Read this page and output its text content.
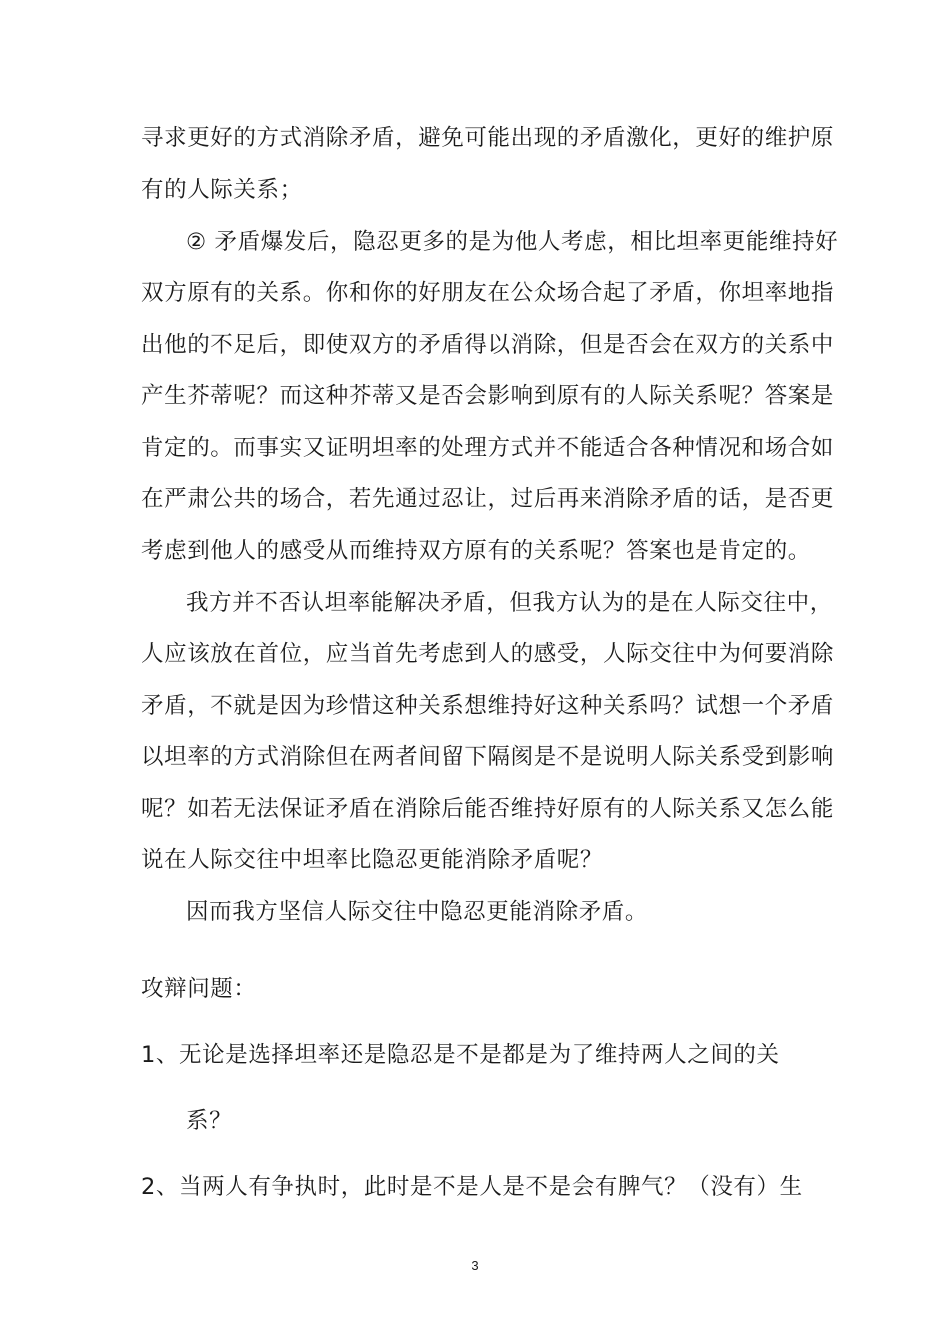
寻求更好的方式消除矛盾，避免可能出现的矛盾激化，更好的维护原
有的人际关系；
② 矛盾爆发后，隐忍更多的是为他人考虑，相比坦率更能维持好
双方原有的关系。你和你的好朋友在公众场合起了矛盾，你坦率地指
出他的不足后，即使双方的矛盾得以消除，但是否会在双方的关系中
产生芥蒂呢？而这种芥蒂又是否会影响到原有的人际关系呢？答案是
肯定的。而事实又证明坦率的处理方式并不能适合各种情况和场合如
在严肃公共的场合，若先通过忍让，过后再来消除矛盾的话，是否更
考虑到他人的感受从而维持双方原有的关系呢？答案也是肯定的。
我方并不否认坦率能解决矛盾，但我方认为的是在人际交往中，
人应该放在首位，应当首先考虑到人的感受，人际交往中为何要消除
矛盾，不就是因为珍惜这种关系想维持好这种关系吗？试想一个矛盾
以坦率的方式消除但在两者间留下隔阂是不是说明人际关系受到影响
呢？如若无法保证矛盾在消除后能否维持好原有的人际关系又怎么能
说在人际交往中坦率比隐忍更能消除矛盾呢？
因而我方坚信人际交往中隐忍更能消除矛盾。
攻辩问题：
1、无论是选择坦率还是隐忍是不是都是为了维持两人之间的关
系？
2、当两人有争执时，此时是不是人是不是会有脾气？（没有）生
3
